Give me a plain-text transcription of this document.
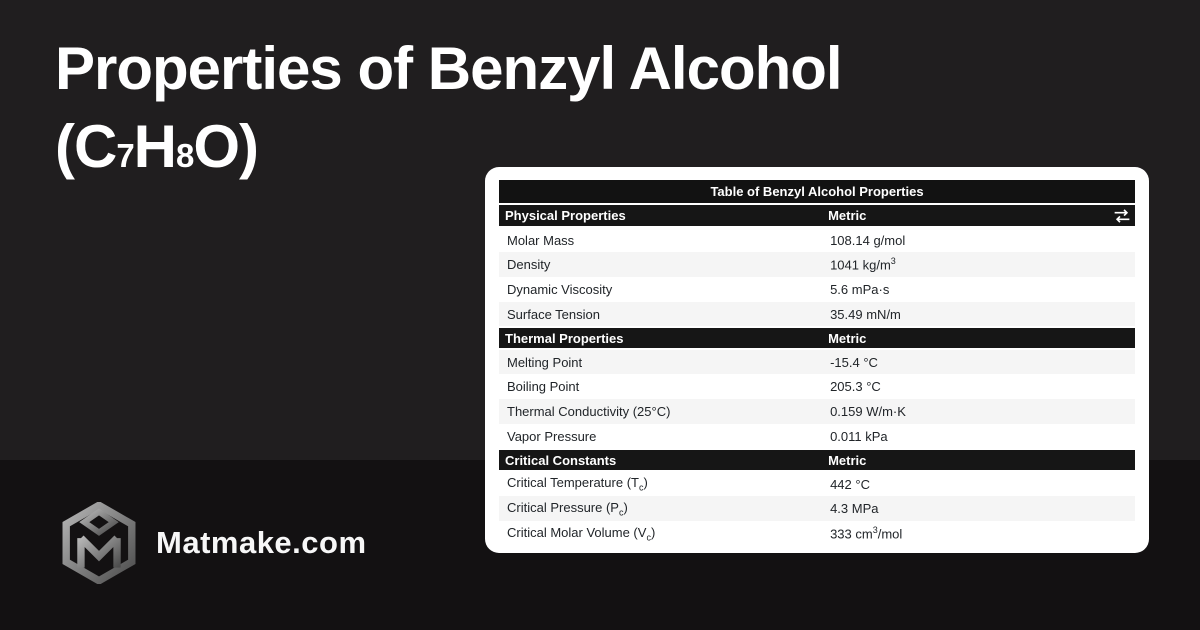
Properties of Benzyl Alcohol
(C7H8O)
Table of Benzyl Alcohol Properties
Physical Properties	Metric

Molar Mass	108.14 g/mol
Density	1041 $kg/m^3$
Dynamic Viscosity	5.6 mPa·s
Surface Tension	35.49 mN/m
Thermal Properties	Metric
Melting Point	-15.4 °C
Boiling Point	205.3 °C
Thermal Conductivity (25°C)	0.159 W/m·K
Vapor Pressure	0.011 kPa
Critical Constants	Metric
Critical Temperature $(T_c)$	442 °C
Critical Pressure $(P_c)$	4.3 MPa
Critical Molar Volume $(V_c)$	333 $cm^3$/mol
Matmake.com
